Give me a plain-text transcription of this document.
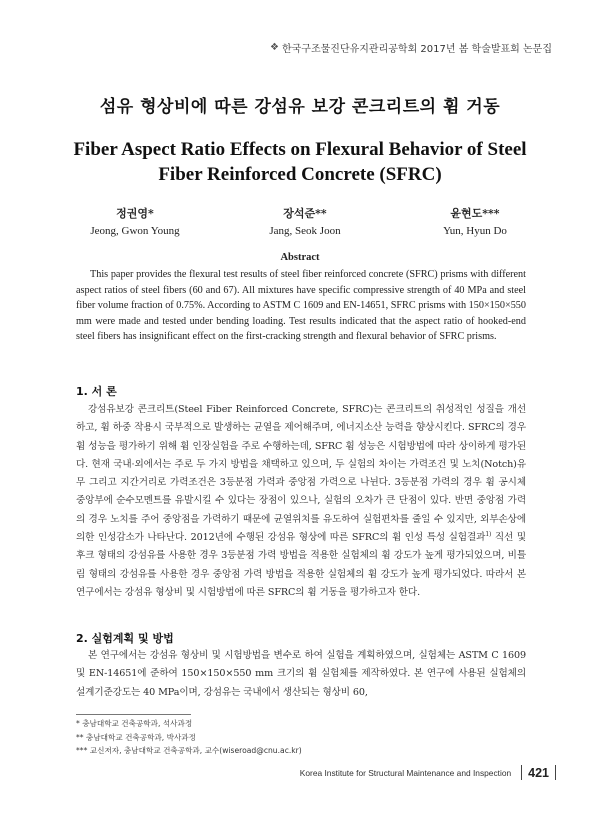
❖ 한국구조물진단유지관리공학회 2017년 봄 학술발표회 논문집
섬유 형상비에 따른 강섬유 보강 콘크리트의 휨 거동
Fiber Aspect Ratio Effects on Flexural Behavior of Steel
Fiber Reinforced Concrete (SFRC)
정권영*
Jeong, Gwon Young
장석준**
Jang, Seok Joon
윤현도***
Yun, Hyun Do
Abstract

This paper provides the flexural test results of steel fiber reinforced concrete (SFRC) prisms with different aspect ratios of steel fibers (60 and 67). All mixtures have specific compressive strength of 40 MPa and steel fiber volume fraction of 0.75%. According to ASTM C 1609 and EN-14651, SFRC prisms with 150×150×550 mm were made and tested under bending loading. Test results indicated that the aspect ratio of hooked-end steel fibers has insignificant effect on the first-cracking strength and flexural behavior of SFRC prisms.

1. 서 론

강섬유보강 콘크리트(Steel Fiber Reinforced Concrete, SFRC)는 콘크리트의 취성적인 성질을 개선하고, 휨 하중 작용시 국부적으로 발생하는 균열을 제어해주며, 에너지소산 능력을 향상시킨다. SFRC의 경우 휨 성능을 평가하기 위해 휨 인장실험을 주로 수행하는데, SFRC 휨 성능은 시험방법에 따라 상이하게 평가된다. 현재 국내·외에서는 주로 두 가지 방법을 채택하고 있으며, 두 실험의 차이는 가력조건 및 노치(Notch)유무 그리고 지간거리로 가력조건은 3등분점 가력과 중앙점 가력으로 나뉜다. 3등분점 가력의 경우 휨 공시체 중앙부에 순수모멘트를 유발시킬 수 있다는 장점이 있으나, 실험의 오차가 큰 단점이 있다. 반면 중앙점 가력의 경우 노치를 주어 중앙점을 가력하기 때문에 균열위치를 유도하여 실험편차를 줄일 수 있지만, 외부손상에 의한 인성감소가 나타난다. 2012년에 수행된 강섬유 형상에 따른 SFRC의 휨 인성 특성 실험결과$^{1)}$ 직선 및 후크 형태의 강섬유를 사용한 경우 3등분점 가력 방법을 적용한 실험체의 휨 강도가 높게 평가되었으며, 비틀림 형태의 강섬유를 사용한 경우 중앙점 가력 방법을 적용한 실험체의 휨 강도가 높게 평가되었다. 따라서 본 연구에서는 강섬유 형상비 및 시험방법에 따른 SFRC의 휨 거동을 평가하고자 한다.

2. 실험계획 및 방법

본 연구에서는 강섬유 형상비 및 시험방법을 변수로 하여 실험을 계획하였으며, 실험체는 ASTM C 1609 및 EN-14651에 준하여 150×150×550 mm 크기의 휨 실험체를 제작하였다. 본 연구에 사용된 실험체의 설계기준강도는 40 MPa이며, 강섬유는 국내에서 생산되는 형상비 60,

* 충남대학교 건축공학과, 석사과정
** 충남대학교 건축공학과, 박사과정
*** 교신저자, 충남대학교 건축공학과, 교수(wiseroad@cnu.ac.kr)
Korea Institute for Structural Maintenance and Inspection 421
